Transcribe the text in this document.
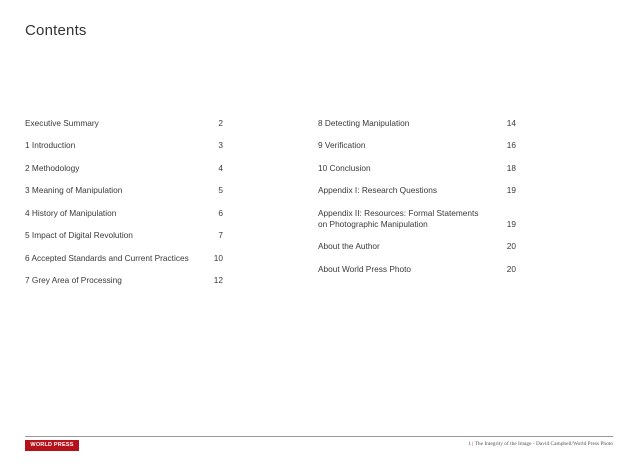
Contents
Executive Summary	2
1 Introduction	3
2 Methodology	4
3 Meaning of Manipulation	5
4 History of Manipulation	6
5 Impact of Digital Revolution	7
6 Accepted Standards and Current Practices	10
7 Grey Area of Processing	12
8 Detecting Manipulation	14
9 Verification	16
10 Conclusion	18
Appendix I: Research Questions	19
Appendix II: Resources: Formal Statements on Photographic Manipulation	19
About the Author	20
About World Press Photo	20
WORLD PRESS PHOTO
1 | The Integrity of the Image - David Campbell/World Press Photo
